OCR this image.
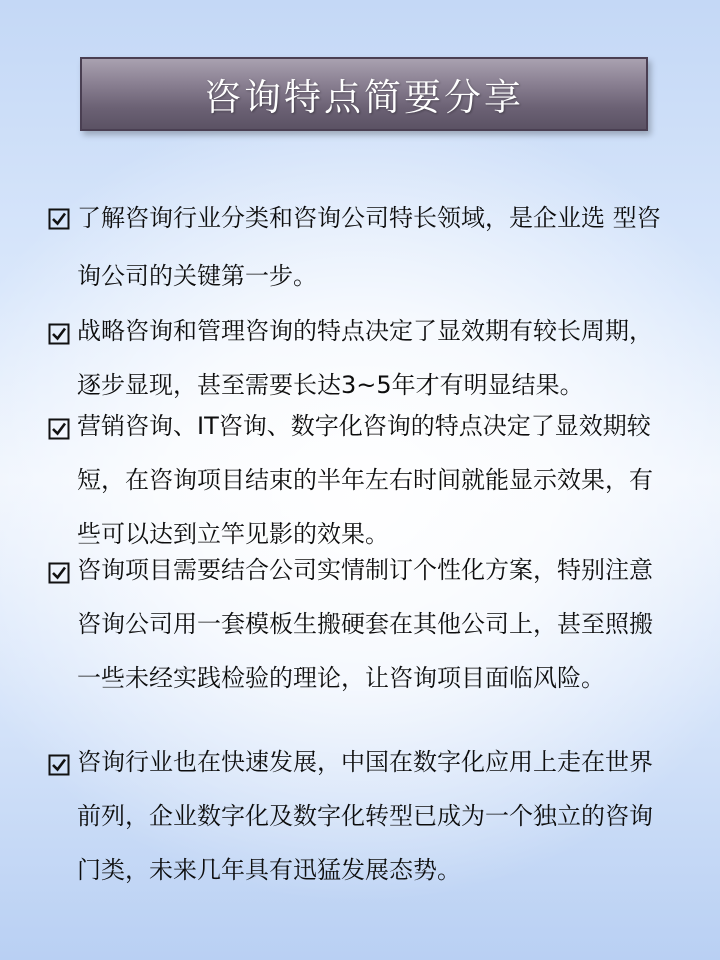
咨询特点简要分享
了解咨询行业分类和咨询公司特长领域，是企业选 型咨询公司的关键第一步。
战略咨询和管理咨询的特点决定了显效期有较长周期，逐步显现，甚至需要长达3~5年才有明显结果。
营销咨询、IT咨询、数字化咨询的特点决定了显效期较短，在咨询项目结束的半年左右时间就能显示效果，有些可以达到立竿见影的效果。
咨询项目需要结合公司实情制订个性化方案，特别注意咨询公司用一套模板生搬硬套在其他公司上，甚至照搬一些未经实践检验的理论，让咨询项目面临风险。
咨询行业也在快速发展，中国在数字化应用上走在世界前列，企业数字化及数字化转型已成为一个独立的咨询门类，未来几年具有迅猛发展态势。
